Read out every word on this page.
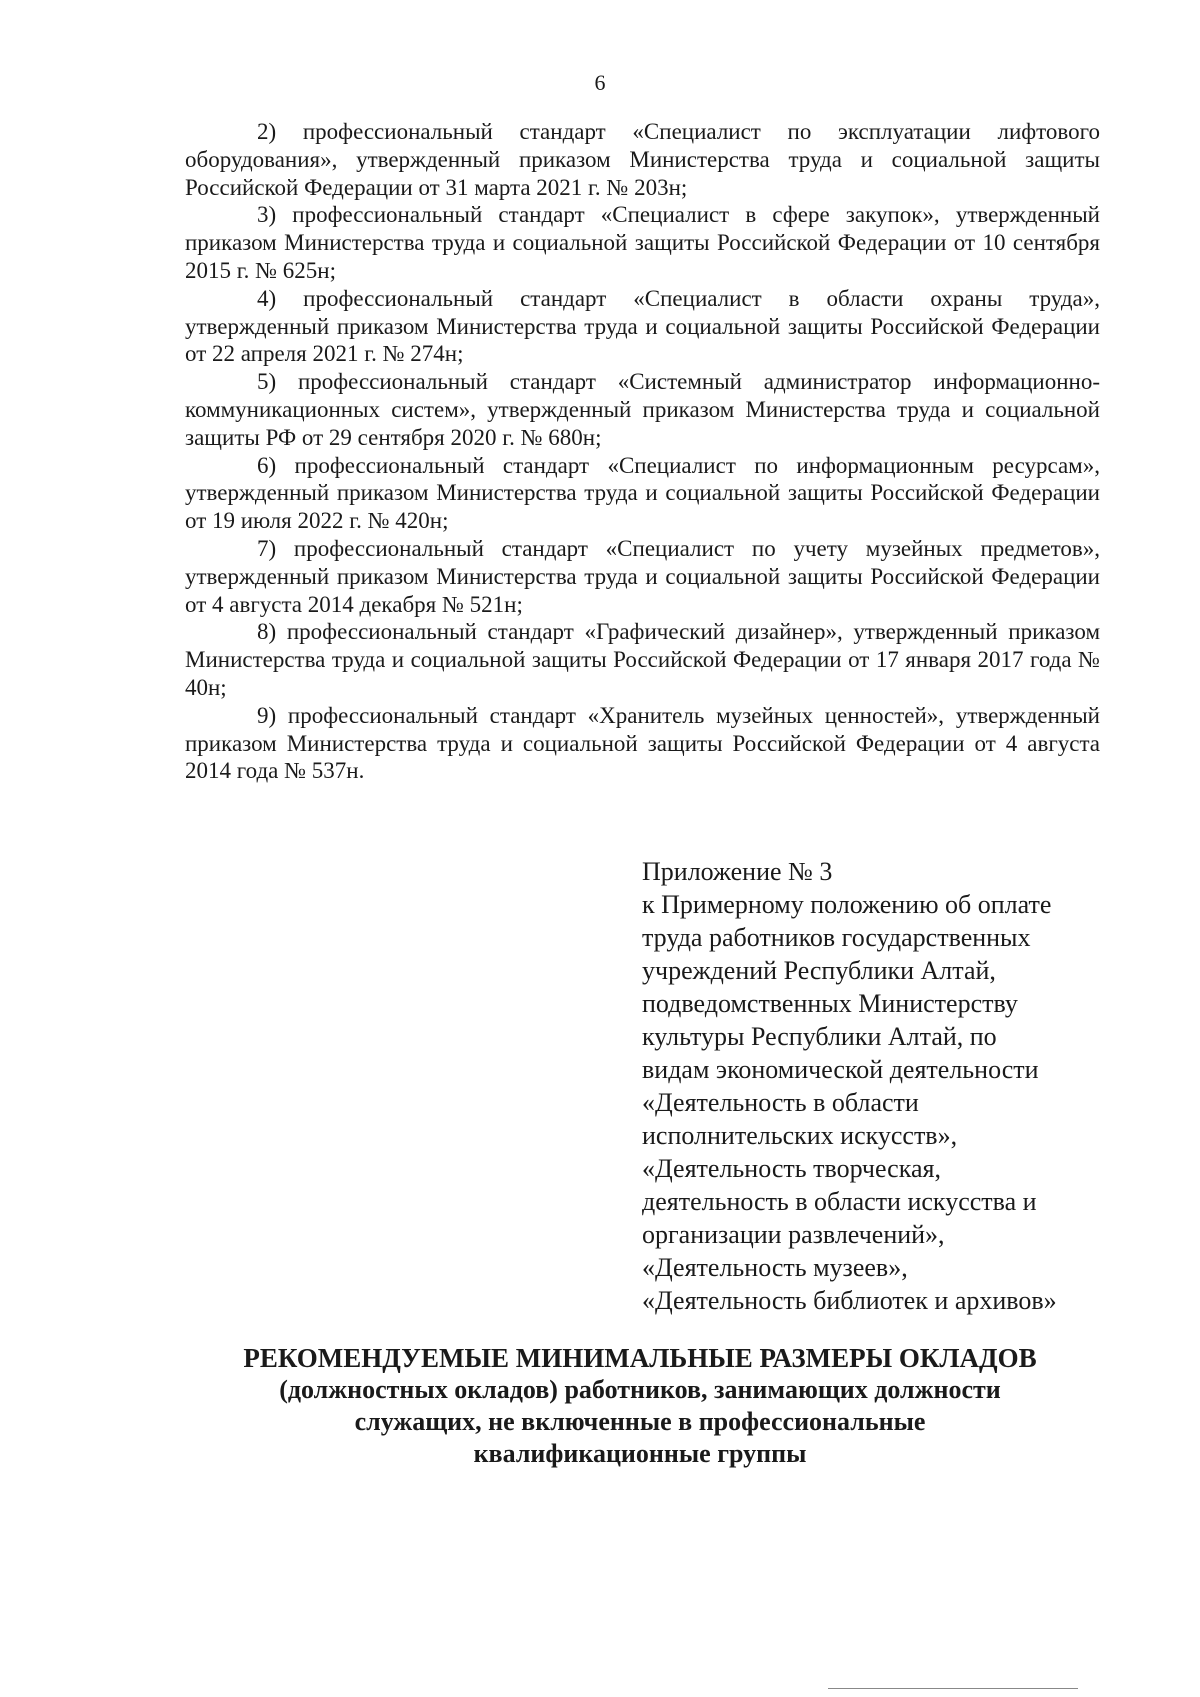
6

2) профессиональный стандарт «Специалист по эксплуатации лифтового оборудования», утвержденный приказом Министерства труда и социальной защиты Российской Федерации от 31 марта 2021 г. № 203н;

3) профессиональный стандарт «Специалист в сфере закупок», утвержденный приказом Министерства труда и социальной защиты Российской Федерации от 10 сентября 2015 г. № 625н;

4) профессиональный стандарт «Специалист в области охраны труда», утвержденный приказом Министерства труда и социальной защиты Российской Федерации от 22 апреля 2021 г. № 274н;

5) профессиональный стандарт «Системный администратор информационно-коммуникационных систем», утвержденный приказом Министерства труда и социальной защиты РФ от 29 сентября 2020 г. № 680н;

6) профессиональный стандарт «Специалист по информационным ресурсам», утвержденный приказом Министерства труда и социальной защиты Российской Федерации от 19 июля 2022 г. № 420н;

7) профессиональный стандарт «Специалист по учету музейных предметов», утвержденный приказом Министерства труда и социальной защиты Российской Федерации от 4 августа 2014 декабря № 521н;

8) профессиональный стандарт «Графический дизайнер», утвержденный приказом Министерства труда и социальной защиты Российской Федерации от 17 января 2017 года № 40н;

9) профессиональный стандарт «Хранитель музейных ценностей», утвержденный приказом Министерства труда и социальной защиты Российской Федерации от 4 августа 2014 года № 537н.

Приложение № 3
к Примерному положению об оплате
труда работников государственных
учреждений Республики Алтай,
подведомственных Министерству
культуры Республики Алтай, по
видам экономической деятельности
«Деятельность в области
исполнительских искусств»,
«Деятельность творческая,
деятельность в области искусства и
организации развлечений»,
«Деятельность музеев»,
«Деятельность библиотек и архивов»
РЕКОМЕНДУЕМЫЕ МИНИМАЛЬНЫЕ РАЗМЕРЫ ОКЛАДОВ
(должностных окладов) работников, занимающих должности
служащих, не включенные в профессиональные
квалификационные группы
